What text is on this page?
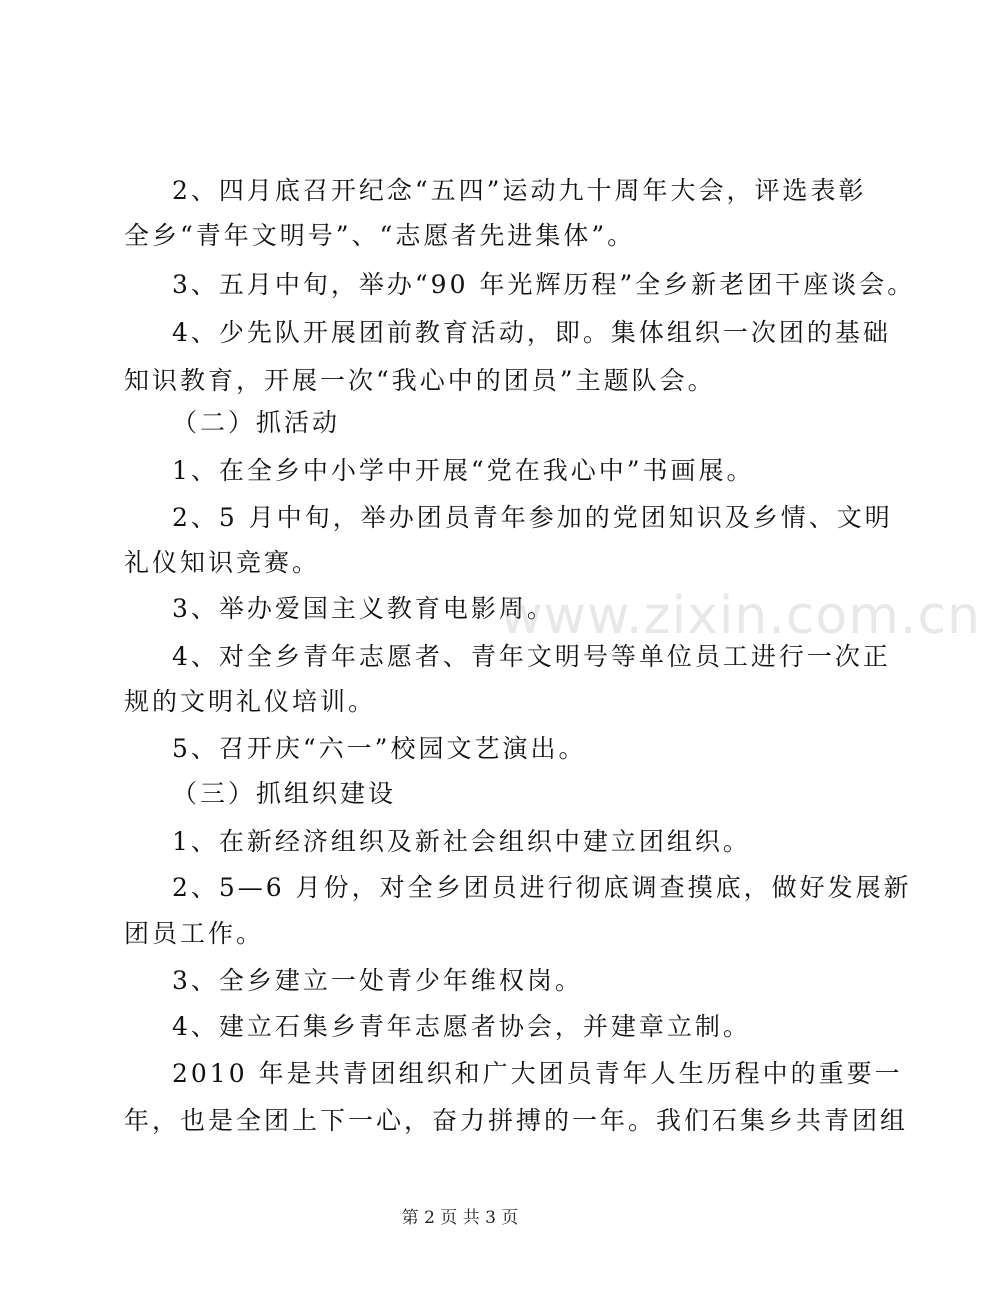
2、四月底召开纪念“五四”运动九十周年大会，评选表彰
全乡“青年文明号”、“志愿者先进集体”。
3、五月中旬，举办“90 年光辉历程”全乡新老团干座谈会。
4、少先队开展团前教育活动，即。集体组织一次团的基础
知识教育，开展一次“我心中的团员”主题队会。
（二）抓活动
1、在全乡中小学中开展“党在我心中”书画展。
2、5 月中旬，举办团员青年参加的党团知识及乡情、文明
礼仪知识竞赛。
3、举办爱国主义教育电影周。
4、对全乡青年志愿者、青年文明号等单位员工进行一次正
规的文明礼仪培训。
5、召开庆“六一”校园文艺演出。
（三）抓组织建设
1、在新经济组织及新社会组织中建立团组织。
2、5—6 月份，对全乡团员进行彻底调查摸底，做好发展新
团员工作。
3、全乡建立一处青少年维权岗。
4、建立石集乡青年志愿者协会，并建章立制。
2010 年是共青团组织和广大团员青年人生历程中的重要一
年，也是全团上下一心，奋力拼搏的一年。我们石集乡共青团组
www.zixin.com.cn
第 2 页 共 3 页
